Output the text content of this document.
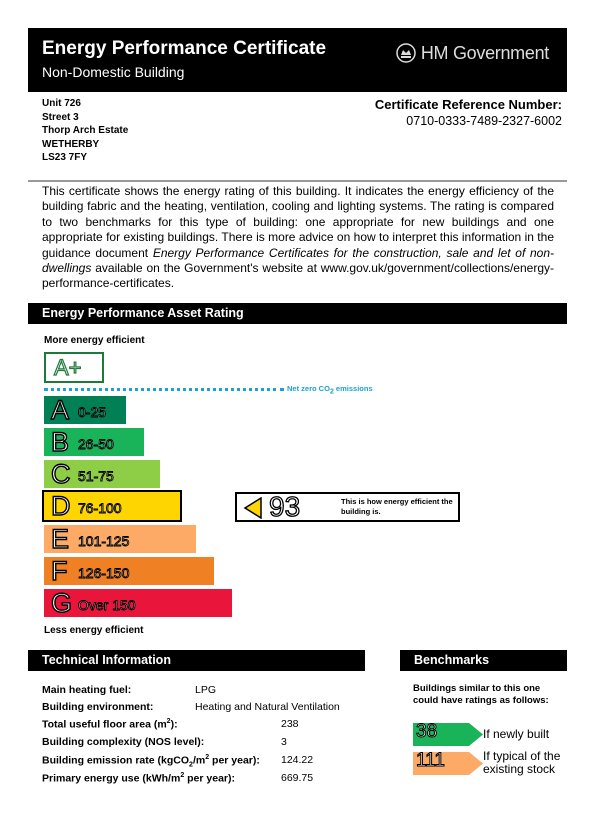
Energy Performance Certificate
Non-Domestic Building
HM Government
Unit 726
Street 3
Thorp Arch Estate
WETHERBY
LS23 7FY
Certificate Reference Number:
0710-0333-7489-2327-6002
This certificate shows the energy rating of this building. It indicates the energy efficiency of the building fabric and the heating, ventilation, cooling and lighting systems. The rating is compared to two benchmarks for this type of building: one appropriate for new buildings and one appropriate for existing buildings. There is more advice on how to interpret this information in the guidance document Energy Performance Certificates for the construction, sale and let of non-dwellings available on the Government's website at www.gov.uk/government/collections/energy-performance-certificates.
Energy Performance Asset Rating
More energy efficient
A+
Net zero $CO_2$ emissions
A 0-25
B 26-50
C 51-75
D 76-100
E 101-125
F 126-150
G Over 150
93	This is how energy efficient the building is.
Less energy efficient
Technical Information
Main heating fuel:	LPG
Building environment:	Heating and Natural Ventilation
Total useful floor area $(m^2)$:	238
Building complexity (NOS level):	3
Building emission rate ($kgCO_2/m^2$ per year): 124.22
Primary energy use ($kWh/m^2$ per year):	669.75
Benchmarks
Buildings similar to this one could have ratings as follows:
38	If newly built
111	If typical of the existing stock
